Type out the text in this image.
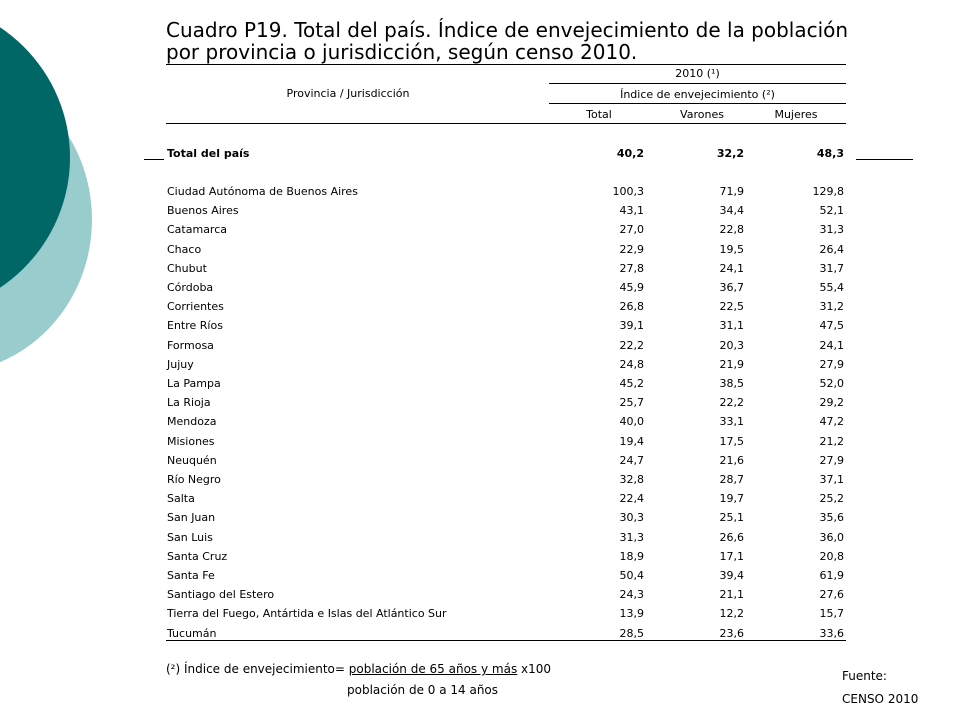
Cuadro P19. Total del país. Índice de envejecimiento de la población por provincia o jurisdicción, según censo 2010.
2010 (¹)
Provincia / Jurisdicción	Índice de envejecimiento (²)
Total	Varones	Mujeres
Total del país	40,2	32,2	48,3
Ciudad Autónoma de Buenos Aires	100,3	71,9	129,8
Buenos Aires	43,1	34,4	52,1
Catamarca	27,0	22,8	31,3
Chaco	22,9	19,5	26,4
Chubut	27,8	24,1	31,7
Córdoba	45,9	36,7	55,4
Corrientes	26,8	22,5	31,2
Entre Ríos	39,1	31,1	47,5
Formosa	22,2	20,3	24,1
Jujuy	24,8	21,9	27,9
La Pampa	45,2	38,5	52,0
La Rioja	25,7	22,2	29,2
Mendoza	40,0	33,1	47,2
Misiones	19,4	17,5	21,2
Neuquén	24,7	21,6	27,9
Río Negro	32,8	28,7	37,1
Salta	22,4	19,7	25,2
San Juan	30,3	25,1	35,6
San Luis	31,3	26,6	36,0
Santa Cruz	18,9	17,1	20,8
Santa Fe	50,4	39,4	61,9
Santiago del Estero	24,3	21,1	27,6
Tierra del Fuego, Antártida e Islas del Atlántico Sur	13,9	12,2	15,7
Tucumán	28,5	23,6	33,6
(²) Índice de envejecimiento= población de 65 años y más x100
población de 0 a 14 años
Fuente:
CENSO 2010
